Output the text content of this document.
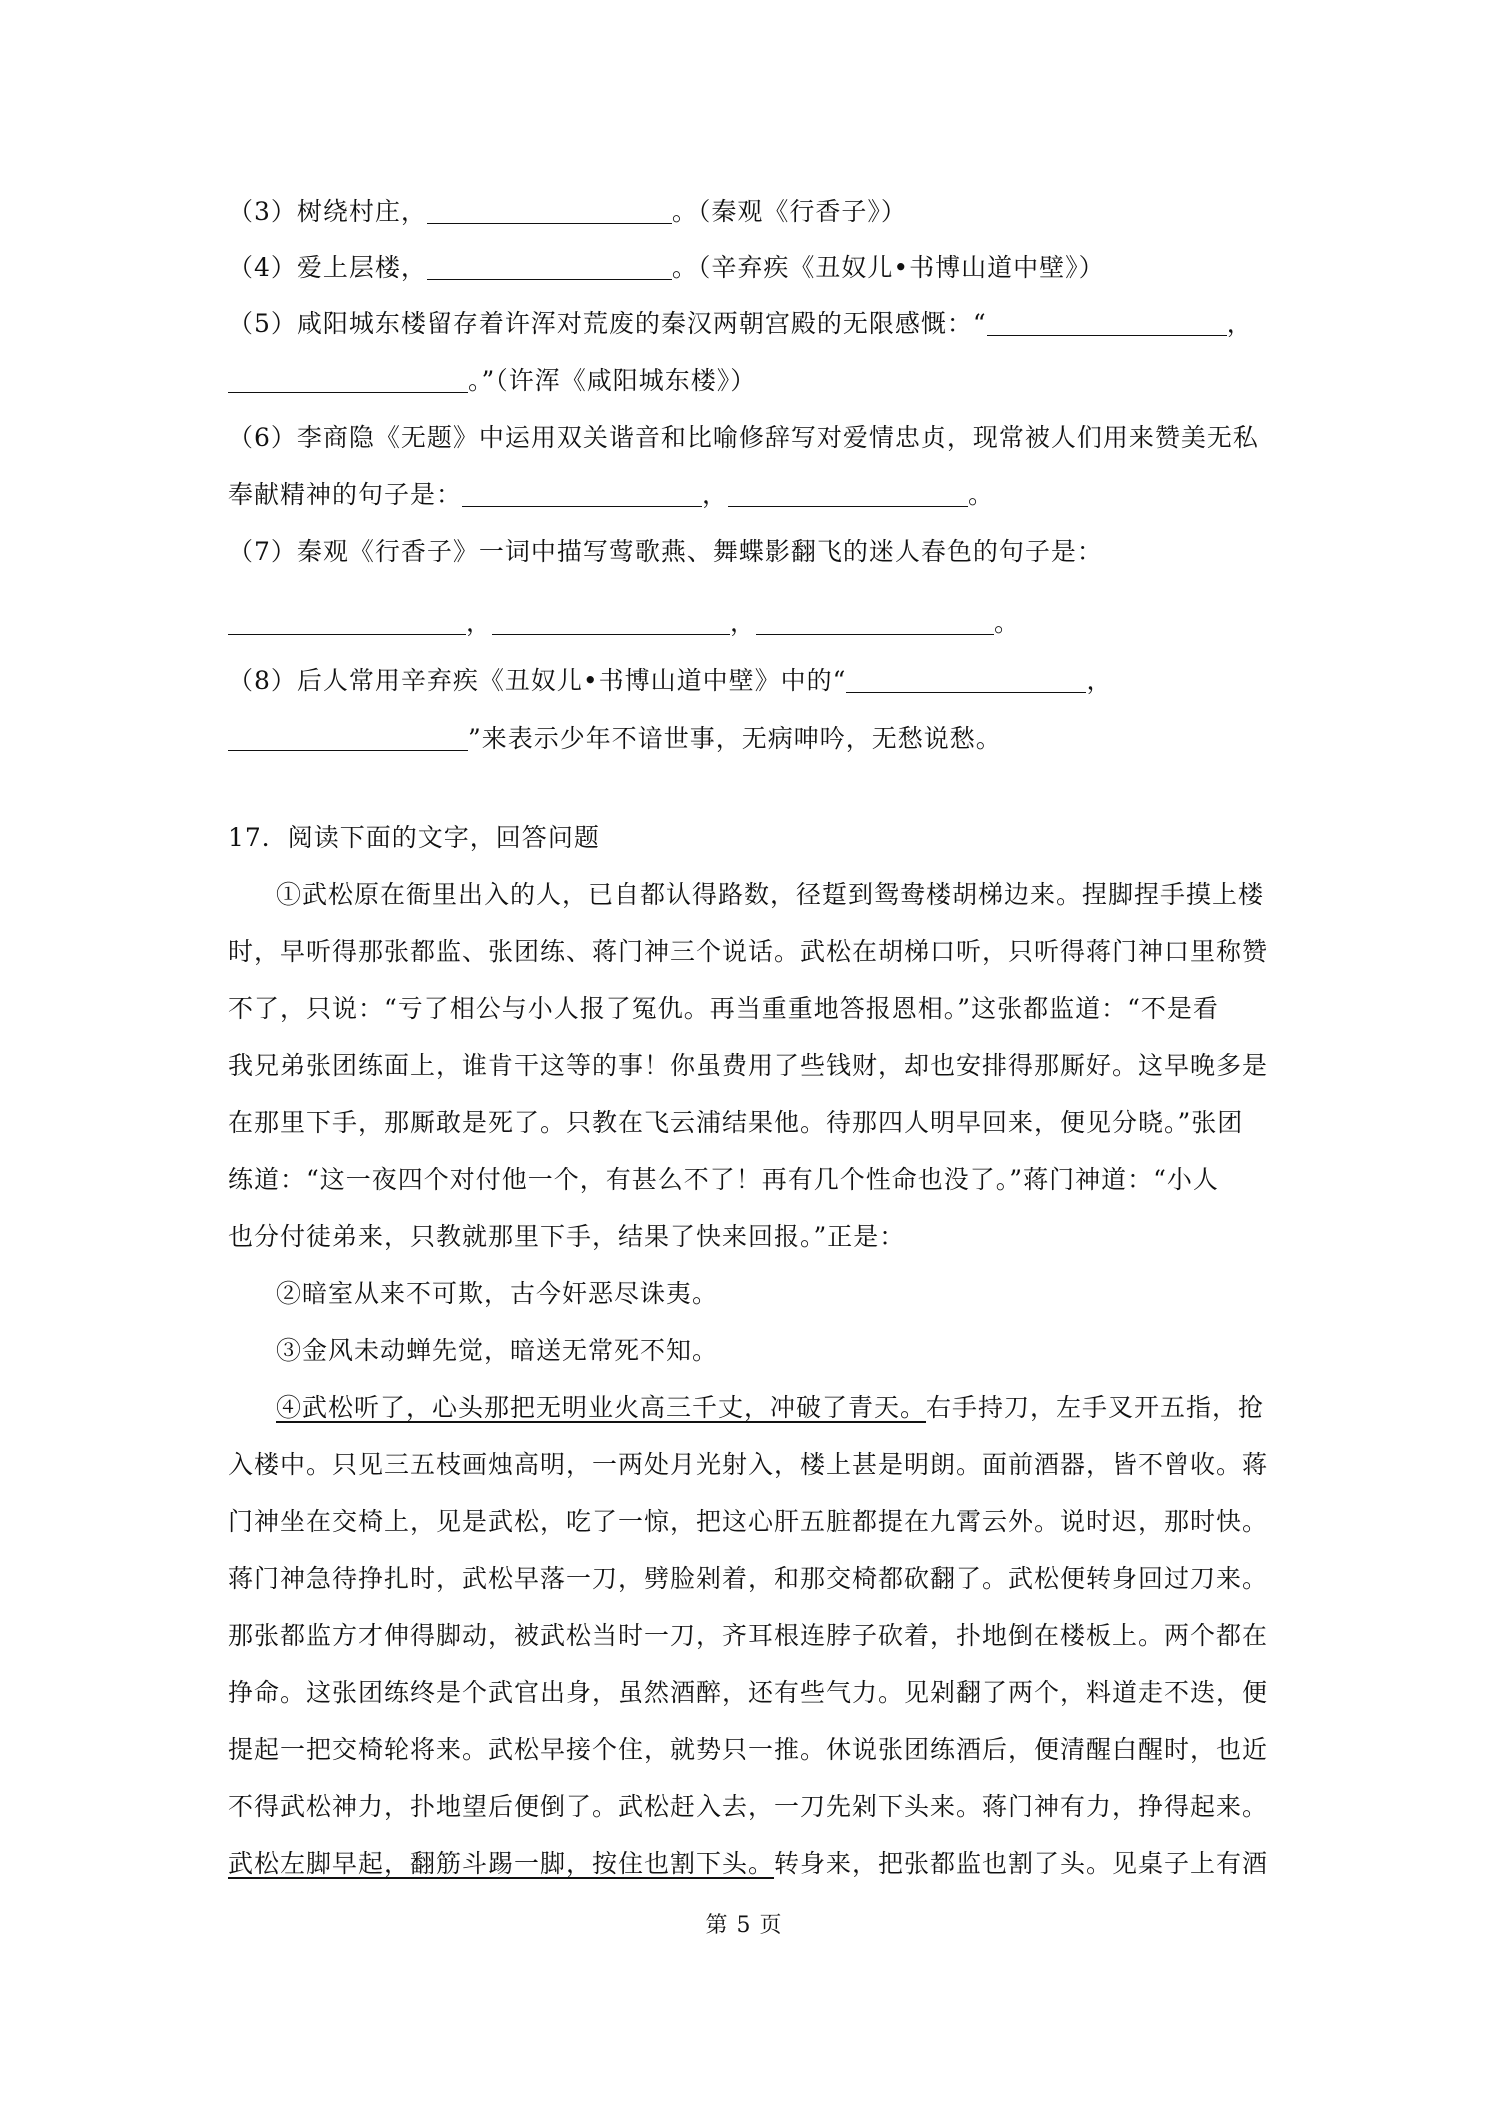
（3）树绕村庄，	。（秦观《行香子》）
（4）爱上层楼，	。（辛弃疾《丑奴儿•书博山道中壁》）
（5）咸阳城东楼留存着许浑对荒废的秦汉两朝宫殿的无限感慨：“	，
。”（许浑《咸阳城东楼》）
（6）李商隐《无题》中运用双关谐音和比喻修辞写对爱情忠贞，现常被人们用来赞美无私
奉献精神的句子是：	，	。
（7）秦观《行香子》一词中描写莺歌燕、舞蝶影翻飞的迷人春色的句子是：
，	，	。
（8）后人常用辛弃疾《丑奴儿•书博山道中壁》中的“	，
”来表示少年不谙世事，无病呻吟，无愁说愁。
17．阅读下面的文字，回答问题
①武松原在衙里出入的人，已自都认得路数，径踅到鸳鸯楼胡梯边来。捏脚捏手摸上楼
时，早听得那张都监、张团练、蒋门神三个说话。武松在胡梯口听，只听得蒋门神口里称赞
不了，只说：“亏了相公与小人报了冤仇。再当重重地答报恩相。”这张都监道：“不是看
我兄弟张团练面上，谁肯干这等的事！你虽费用了些钱财，却也安排得那厮好。这早晚多是
在那里下手，那厮敢是死了。只教在飞云浦结果他。待那四人明早回来，便见分晓。”张团
练道：“这一夜四个对付他一个，有甚么不了！再有几个性命也没了。”蒋门神道：“小人
也分付徒弟来，只教就那里下手，结果了快来回报。”正是：
②暗室从来不可欺，古今奸恶尽诛夷。
③金风未动蝉先觉，暗送无常死不知。
④武松听了，心头那把无明业火高三千丈，冲破了青天。右手持刀，左手叉开五指，抢
入楼中。只见三五枝画烛高明，一两处月光射入，楼上甚是明朗。面前酒器，皆不曾收。蒋
门神坐在交椅上，见是武松，吃了一惊，把这心肝五脏都提在九霄云外。说时迟，那时快。
蒋门神急待挣扎时，武松早落一刀，劈脸剁着，和那交椅都砍翻了。武松便转身回过刀来。
那张都监方才伸得脚动，被武松当时一刀，齐耳根连脖子砍着，扑地倒在楼板上。两个都在
挣命。这张团练终是个武官出身，虽然酒醉，还有些气力。见剁翻了两个，料道走不迭，便
提起一把交椅轮将来。武松早接个住，就势只一推。休说张团练酒后，便清醒白醒时，也近
不得武松神力，扑地望后便倒了。武松赶入去，一刀先剁下头来。蒋门神有力，挣得起来。
武松左脚早起，翻筋斗踢一脚，按住也割下头。转身来，把张都监也割了头。见桌子上有酒
第 5 页
